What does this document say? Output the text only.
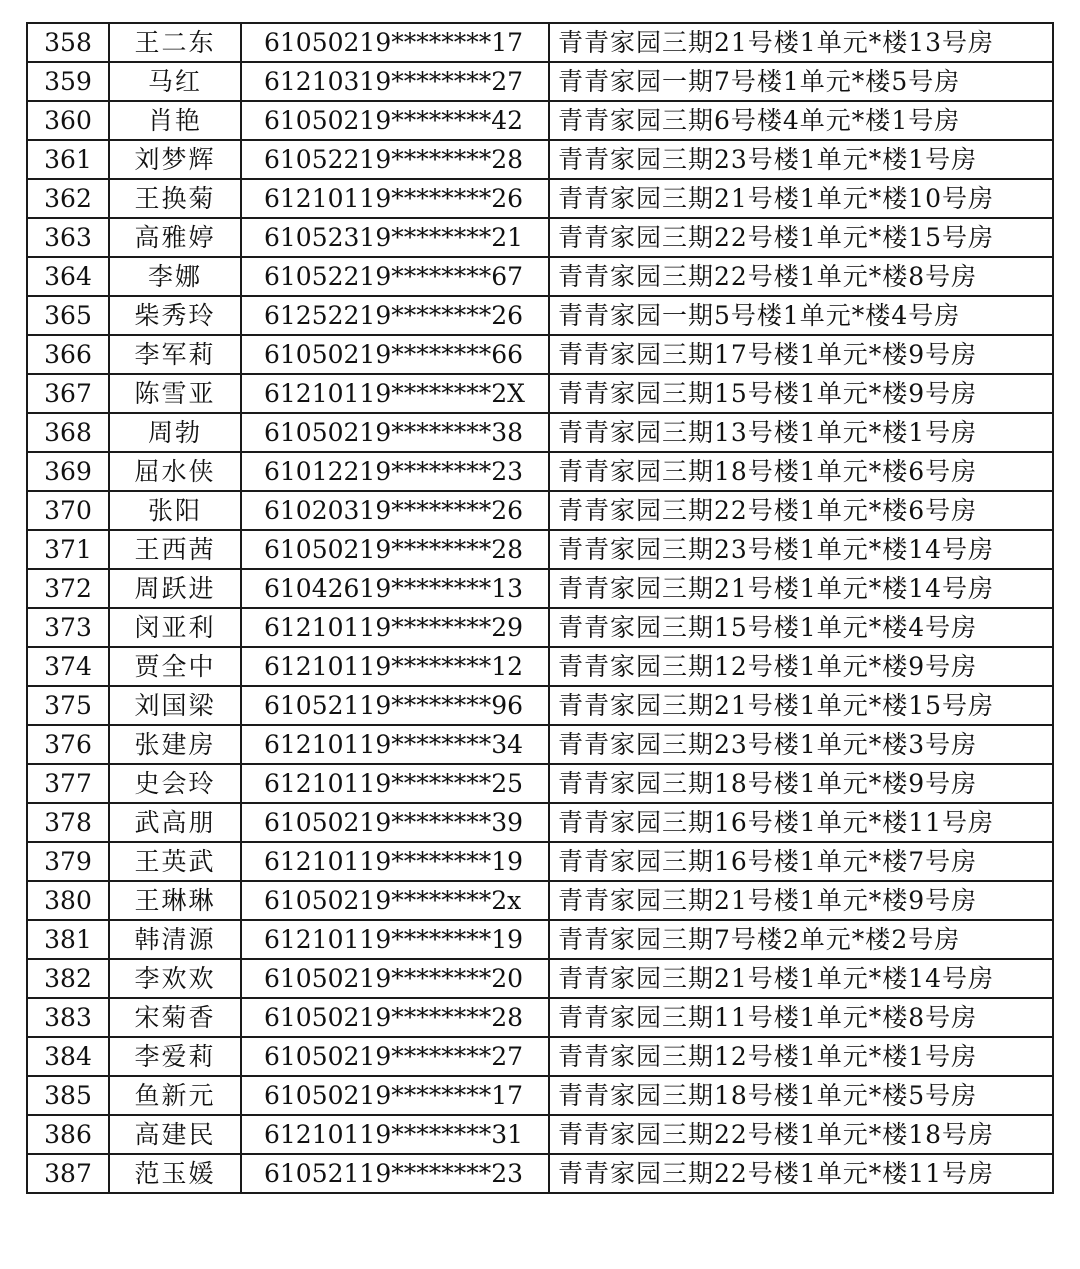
358	王二东	61050219********17	青青家园三期21号楼1单元*楼13号房
359	马红	61210319********27	青青家园一期7号楼1单元*楼5号房
360	肖艳	61050219********42	青青家园三期6号楼4单元*楼1号房
361	刘梦辉	61052219********28	青青家园三期23号楼1单元*楼1号房
362	王换菊	61210119********26	青青家园三期21号楼1单元*楼10号房
363	高雅婷	61052319********21	青青家园三期22号楼1单元*楼15号房
364	李娜	61052219********67	青青家园三期22号楼1单元*楼8号房
365	柴秀玲	61252219********26	青青家园一期5号楼1单元*楼4号房
366	李军莉	61050219********66	青青家园三期17号楼1单元*楼9号房
367	陈雪亚	61210119********2X	青青家园三期15号楼1单元*楼9号房
368	周勃	61050219********38	青青家园三期13号楼1单元*楼1号房
369	屈水侠	61012219********23	青青家园三期18号楼1单元*楼6号房
370	张阳	61020319********26	青青家园三期22号楼1单元*楼6号房
371	王西茜	61050219********28	青青家园三期23号楼1单元*楼14号房
372	周跃进	61042619********13	青青家园三期21号楼1单元*楼14号房
373	闵亚利	61210119********29	青青家园三期15号楼1单元*楼4号房
374	贾全中	61210119********12	青青家园三期12号楼1单元*楼9号房
375	刘国梁	61052119********96	青青家园三期21号楼1单元*楼15号房
376	张建房	61210119********34	青青家园三期23号楼1单元*楼3号房
377	史会玲	61210119********25	青青家园三期18号楼1单元*楼9号房
378	武高朋	61050219********39	青青家园三期16号楼1单元*楼11号房
379	王英武	61210119********19	青青家园三期16号楼1单元*楼7号房
380	王琳琳	61050219********2x	青青家园三期21号楼1单元*楼9号房
381	韩清源	61210119********19	青青家园三期7号楼2单元*楼2号房
382	李欢欢	61050219********20	青青家园三期21号楼1单元*楼14号房
383	宋菊香	61050219********28	青青家园三期11号楼1单元*楼8号房
384	李爱莉	61050219********27	青青家园三期12号楼1单元*楼1号房
385	鱼新元	61050219********17	青青家园三期18号楼1单元*楼5号房
386	高建民	61210119********31	青青家园三期22号楼1单元*楼18号房
387	范玉媛	61052119********23	青青家园三期22号楼1单元*楼11号房
